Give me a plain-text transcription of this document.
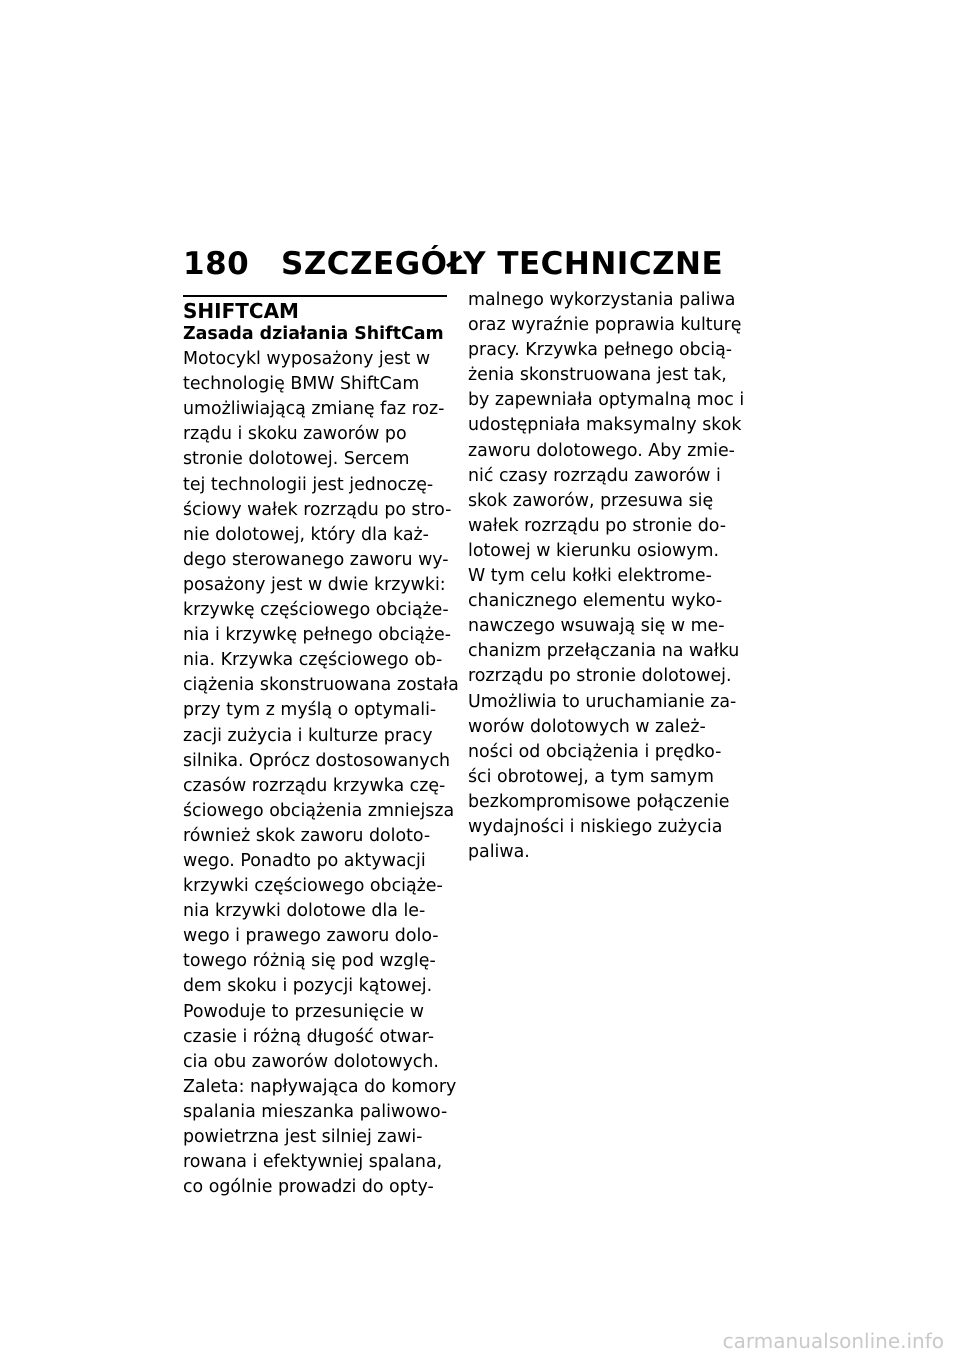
180 SZCZEGÓŁY TECHNICZNE
SHIFTCAM
Zasada działania ShiftCam
Motocykl wyposażony jest w
technologię BMW ShiftCam
umożliwiającą zmianę faz roz-
rządu i skoku zaworów po
stronie dolotowej. Sercem
tej technologii jest jednoczę-
ściowy wałek rozrządu po stro-
nie dolotowej, który dla każ-
dego sterowanego zaworu wy-
posażony jest w dwie krzywki:
krzywkę częściowego obciąże-
nia i krzywkę pełnego obciąże-
nia. Krzywka częściowego ob-
ciążenia skonstruowana została
przy tym z myślą o optymali-
zacji zużycia i kulturze pracy
silnika. Oprócz dostosowanych
czasów rozrządu krzywka czę-
ściowego obciążenia zmniejsza
również skok zaworu doloto-
wego. Ponadto po aktywacji
krzywki częściowego obciąże-
nia krzywki dolotowe dla le-
wego i prawego zaworu dolo-
towego różnią się pod wzglę-
dem skoku i pozycji kątowej.
Powoduje to przesunięcie w
czasie i różną długość otwar-
cia obu zaworów dolotowych.
Zaleta: napływająca do komory
spalania mieszanka paliwowo-
powietrzna jest silniej zawi-
rowana i efektywniej spalana,
co ogólnie prowadzi do opty-
malnego wykorzystania paliwa
oraz wyraźnie poprawia kulturę
pracy. Krzywka pełnego obcią-
żenia skonstruowana jest tak,
by zapewniała optymalną moc i
udostępniała maksymalny skok
zaworu dolotowego. Aby zmie-
nić czasy rozrządu zaworów i
skok zaworów, przesuwa się
wałek rozrządu po stronie do-
lotowej w kierunku osiowym.
W tym celu kołki elektrome-
chanicznego elementu wyko-
nawczego wsuwają się w me-
chanizm przełączania na wałku
rozrządu po stronie dolotowej.
Umożliwia to uruchamianie za-
worów dolotowych w zależ-
ności od obciążenia i prędko-
ści obrotowej, a tym samym
bezkompromisowe połączenie
wydajności i niskiego zużycia
paliwa.
carmanualsonline.info
